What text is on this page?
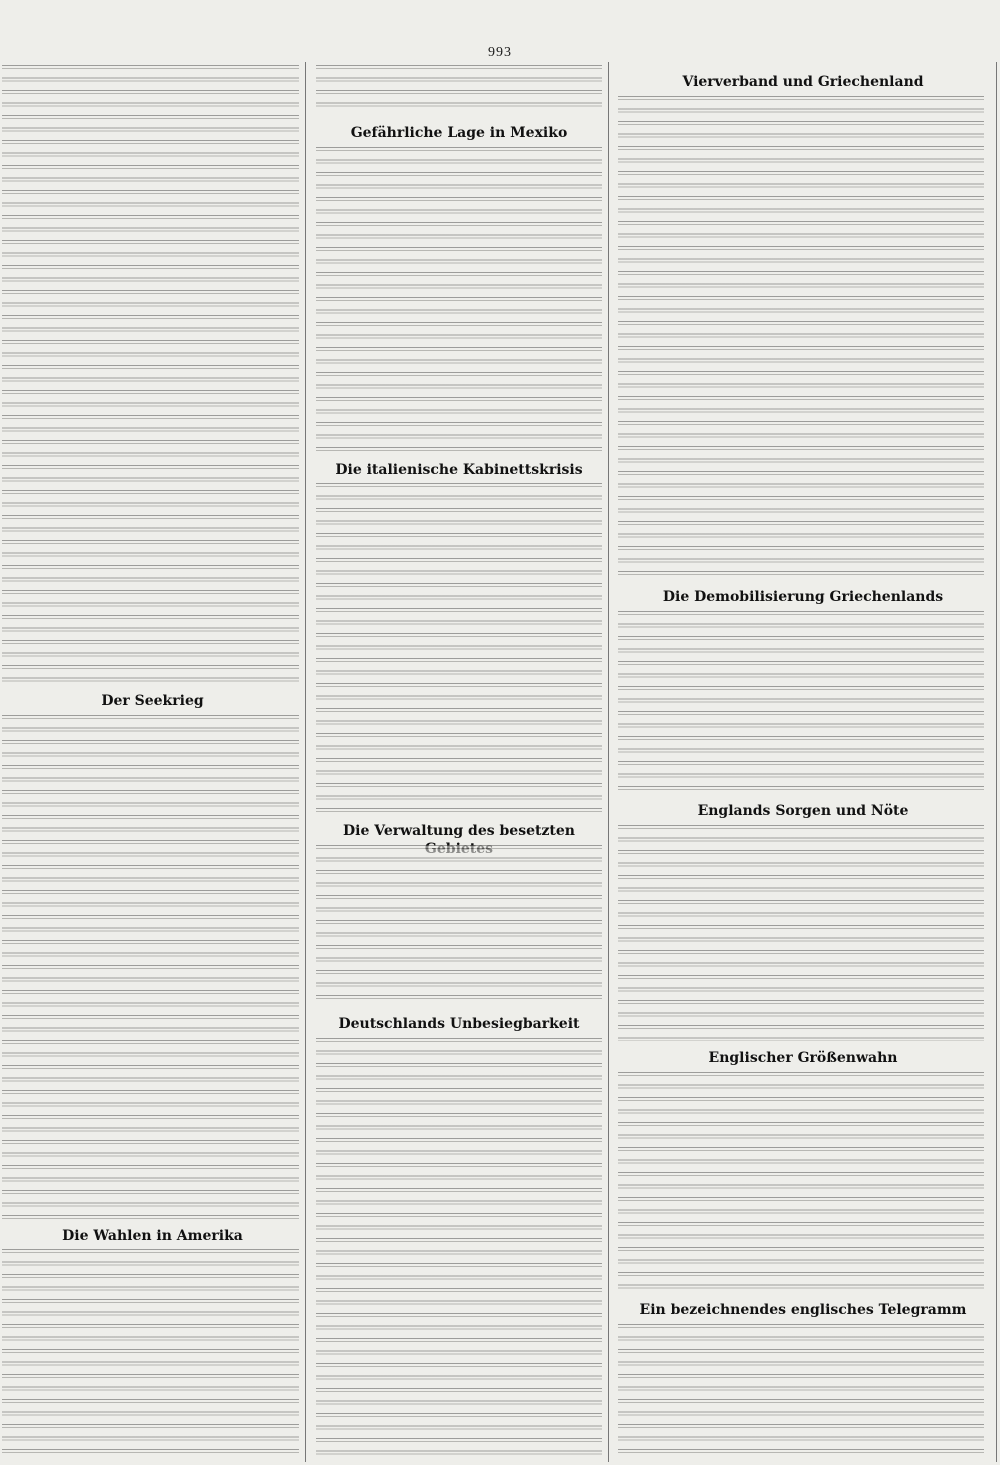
993
Der Seekrieg
Die Wahlen in Amerika
Gefährliche Lage in Mexiko
Die italienische Kabinettskrisis
Die Verwaltung des besetzten
Deutschlands Unbesiegbarkeit
Vierverband und Griechenland
Die Demobilisierung Griechenlands
Englands Sorgen und Nöte
Englischer Größenwahn
Ein bezeichnendes englisches Telegramm
